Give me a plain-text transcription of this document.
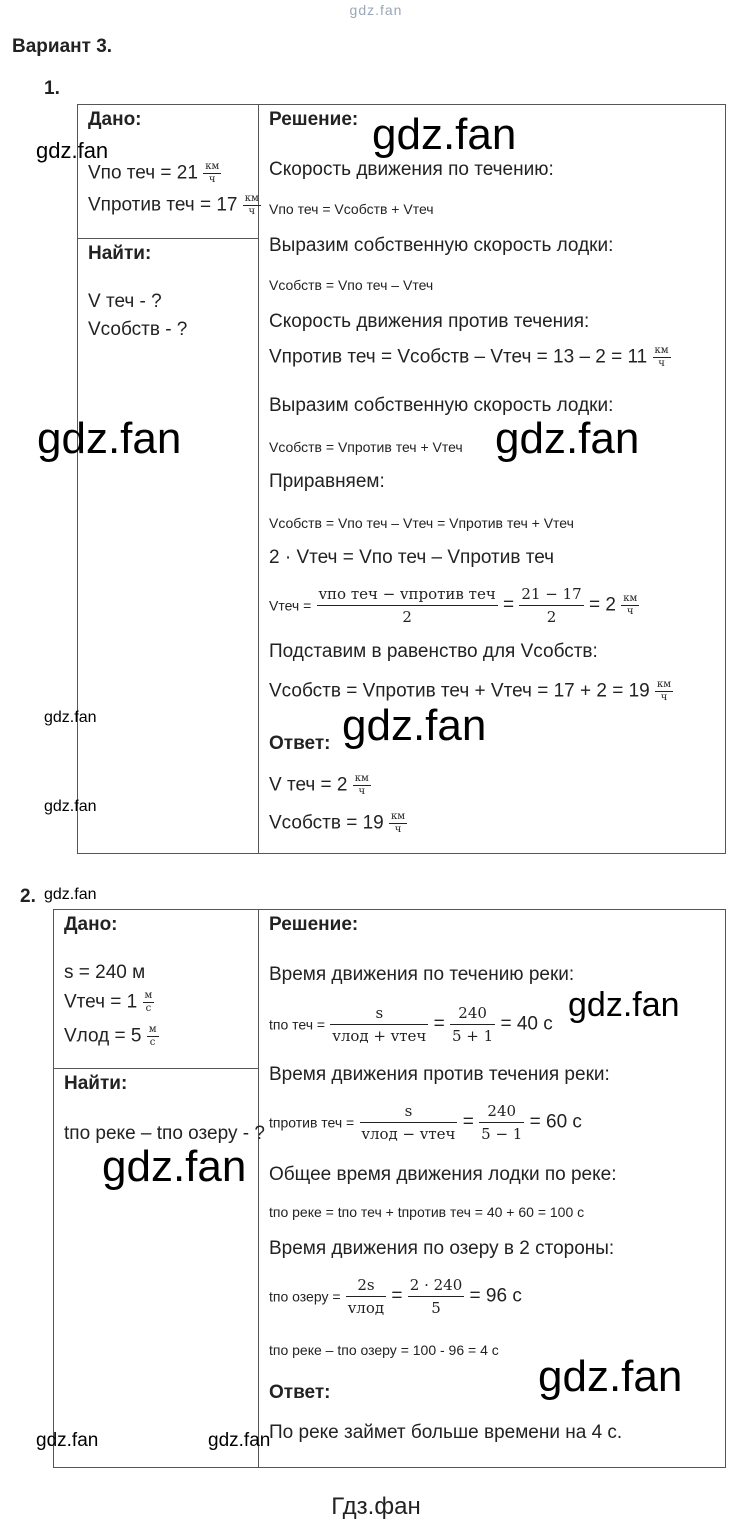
gdz.fan
Вариант 3.
1.
Дано:
Vпо теч = $21 \frac{км}{ч}$
Vпротив теч = $17 \frac{км}{ч}$

Решение:
Скорость движения по течению:
Vпо теч = Vсобств + Vтеч
Выразим собственную скорость лодки:
Vсобств = Vпо теч – Vтеч
Скорость движения против течения:
Vпротив теч = Vсобств – Vтеч = $13 - 2 = 11 \frac{км}{ч}$
Выразим собственную скорость лодки:
Vсобств = Vпротив теч + Vтеч
Приравняем:
Vсобств = Vпо теч – Vтеч = Vпротив теч + Vтеч
2 · Vтеч = Vпо теч – Vпротив теч
Vтеч = $\frac{\text{vпо теч − vпротив теч}}{2} = \frac{21 - 17}{2} = 2 \frac{км}{ч}$
Подставим в равенство для Vсобств:
Vсобств = Vпротив теч + Vтеч = $17 + 2 = 19 \frac{км}{ч}$
Ответ:
V теч = $2 \frac{км}{ч}$
Vсобств = $19 \frac{км}{ч}$

Найти:
V теч - ?
Vсобств - ?
2.
Дано:
s = 240 м
Vтеч = $1 \frac{м}{с}$
Vлод = $5 \frac{м}{с}$

Решение:
Время движения по течению реки:
tпо теч = $\frac{s}{\text{vлод + vтеч}} = \frac{240}{5 + 1} = 40$ с
Время движения против течения реки:
tпротив теч = $\frac{s}{\text{vлод − vтеч}} = \frac{240}{5 - 1} = 60$ с
Общее время движения лодки по реке:
tпо реке = tпо теч + tпротив теч = 40 + 60 = 100 с
Время движения по озеру в 2 стороны:
tпо озеру = $\frac{2s}{\text{vлод}} = \frac{2 \cdot 240}{5} = 96$ с
tпо реке – tпо озеру = 100 - 96 = 4 с
Ответ:
По реке займет больше времени на 4 с.

Найти:
tпо реке – tпо озеру - ?
gdz.fan	gdz.fan
gdz.fan	gdz.fan
gdz.fan	gdz.fan
gdz.fan
gdz.fan
gdz.fan
gdz.fan
gdz.fan
gdz.fan	gdz.fan
Гдз.фан
